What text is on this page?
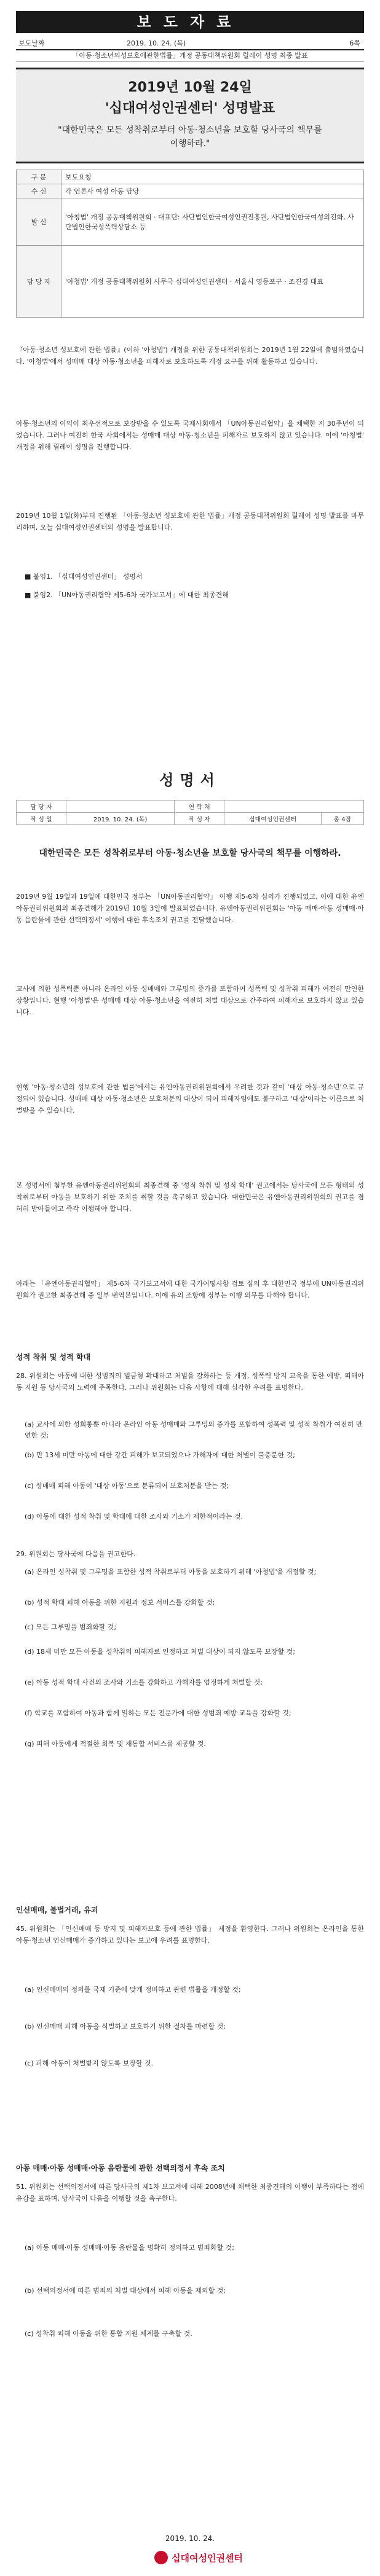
보도자료
보도날짜	2019. 10. 24. (목)	6쪽
「아동·청소년의성보호에관한법률」개정 공동대책위원회 릴레이 성명 최종 발표
2019년 10월 24일
'십대여성인권센터' 성명발표
"대한민국은 모든 성착취로부터 아동·청소년을 보호할 당사국의 책무를 이행하라."
구 분	보도요청
수 신	각 언론사 여성 아동 담당
발 신	'아청법' 개정 공동대책위원회 · 대표단: 사단법인한국여성인권진흥원, 사단법인한국여성의전화, 사단법인한국성폭력상담소 등
담 당 자	'아청법' 개정 공동대책위원회 사무국 십대여성인권센터 · 서울시 영등포구 · 조진경 대표
『아동·청소년 성보호에 관한 법률』(이하 '아청법') 개정을 위한 공동대책위원회는 2019년 1월 22일에 출범하였습니다. '아청법'에서 성매매 대상 아동·청소년을 피해자로 보호하도록 개정 요구를 위해 활동하고 있습니다.
아동·청소년의 이익이 최우선적으로 보장받을 수 있도록 국제사회에서 「UN아동권리협약」을 채택한 지 30주년이 되었습니다. 그러나 여전히 한국 사회에서는 성매매 대상 아동·청소년을 피해자로 보호하지 않고 있습니다. 이에 '아청법' 개정을 위해 릴레이 성명을 진행합니다.
2019년 10월 1일(화)부터 진행된 「아동·청소년 성보호에 관한 법률」개정 공동대책위원회 릴레이 성명 발표를 마무리하며, 오늘 십대여성인권센터의 성명을 발표합니다.
■ 붙임1. 「십대여성인권센터」 성명서
■ 붙임2. 「UN아동권리협약 제5-6차 국가보고서」에 대한 최종견해
성명서
담 당 자		연 락 처		
작 성 일	2019. 10. 24. (목)	작 성 자	십대여성인권센터	총 4장
대한민국은 모든 성착취로부터 아동·청소년을 보호할 당사국의 책무를 이행하라.
2019년 9월 19일과 19일에 대한민국 정부는 「UN아동권리협약」 이행 제5-6차 심의가 진행되었고, 이에 대한 유엔아동권리위원회의 최종견해가 2019년 10월 3일에 발표되었습니다. 유엔아동권리위원회는 '아동 매매·아동 성매매·아동 음란물에 관한 선택의정서' 이행에 대한 후속조치 권고를 전달했습니다.
교사에 의한 성폭력뿐 아니라 온라인 아동 성매매와 그루밍의 증가를 포함하여 성폭력 및 성착취 피해가 여전히 만연한 상황입니다. 현행 '아청법'은 성매매 대상 아동·청소년을 여전히 처벌 대상으로 간주하여 피해자로 보호하지 않고 있습니다.
현행 '아동·청소년의 성보호에 관한 법률'에서는 유엔아동권리위원회에서 우려한 것과 같이 '대상 아동·청소년'으로 규정되어 있습니다. 성매매 대상 아동·청소년은 보호처분의 대상이 되어 피해자임에도 불구하고 '대상'이라는 이름으로 처벌받을 수 있습니다.
본 성명서에 첨부한 유엔아동권리위원회의 최종견해 중 '성적 착취 및 성적 학대' 권고에서는 당사국에 모든 형태의 성착취로부터 아동을 보호하기 위한 조치를 취할 것을 촉구하고 있습니다. 대한민국은 유엔아동권리위원회의 권고를 겸허히 받아들이고 즉각 이행해야 합니다.
아래는 「유엔아동권리협약」 제5-6차 국가보고서에 대한 국가어떻사항 검토 심의 후 대한민국 정부에 UN아동권리위원회가 권고한 최종견해 중 일부 번역본입니다. 이에 유의 조항에 정부는 이행 의무를 다해야 합니다.
성적 착취 및 성적 학대
28. 위원회는 아동에 대한 성범죄의 벌금형 확대하고 처벌을 강화하는 등 개정, 성폭력 방지 교육을 통한 예방, 피해아동 지원 등 당사국의 노력에 주목한다. 그러나 위원회는 다음 사항에 대해 심각한 우려를 표명한다.
(a) 교사에 의한 성희롱뿐 아니라 온라인 아동 성매매와 그루밍의 증가를 포함하여 성폭력 및 성적 착취가 여전히 만연한 것;
(b) 만 13세 미만 아동에 대한 강간 피해가 보고되었으나 가해자에 대한 처벌이 불충분한 것;
(c) 성매매 피해 아동이 '대상 아동'으로 분류되어 보호처분을 받는 것;
(d) 아동에 대한 성적 착취 및 학대에 대한 조사와 기소가 제한적이라는 것.
29. 위원회는 당사국에 다음을 권고한다.
(a) 온라인 성착취 및 그루밍을 포함한 성적 착취로부터 아동을 보호하기 위해 '아청법'을 개정할 것;
(b) 성적 학대 피해 아동을 위한 지원과 정보 서비스를 강화할 것;
(c) 모든 그루밍을 범죄화할 것;
(d) 18세 미만 모든 아동을 성착취의 피해자로 인정하고 처벌 대상이 되지 않도록 보장할 것;
(e) 아동 성적 학대 사건의 조사와 기소를 강화하고 가해자를 엄정하게 처벌할 것;
(f) 학교를 포함하여 아동과 함께 일하는 모든 전문가에 대한 성범죄 예방 교육을 강화할 것;
(g) 피해 아동에게 적절한 회복 및 재통합 서비스를 제공할 것.
인신매매, 불법거래, 유괴
45. 위원회는 「인신매매 등 방지 및 피해자보호 등에 관한 법률」 제정을 환영한다. 그러나 위원회는 온라인을 통한 아동·청소년 인신매매가 증가하고 있다는 보고에 우려를 표명한다.
(a) 인신매매의 정의를 국제 기준에 맞게 정비하고 관련 법률을 개정할 것;
(b) 인신매매 피해 아동을 식별하고 보호하기 위한 절차를 마련할 것;
(c) 피해 아동이 처벌받지 않도록 보장할 것.
아동 매매·아동 성매매·아동 음란물에 관한 선택의정서 후속 조치
51. 위원회는 선택의정서에 따른 당사국의 제1차 보고서에 대해 2008년에 채택한 최종견해의 이행이 부족하다는 점에 유감을 표하며, 당사국이 다음을 이행할 것을 촉구한다.
(a) 아동 매매·아동 성매매·아동 음란물을 명확히 정의하고 범죄화할 것;
(b) 선택의정서에 따른 범죄의 처벌 대상에서 피해 아동을 제외할 것;
(c) 성착취 피해 아동을 위한 통합 지원 체계를 구축할 것.
2019. 10. 24.
십대여성인권센터
